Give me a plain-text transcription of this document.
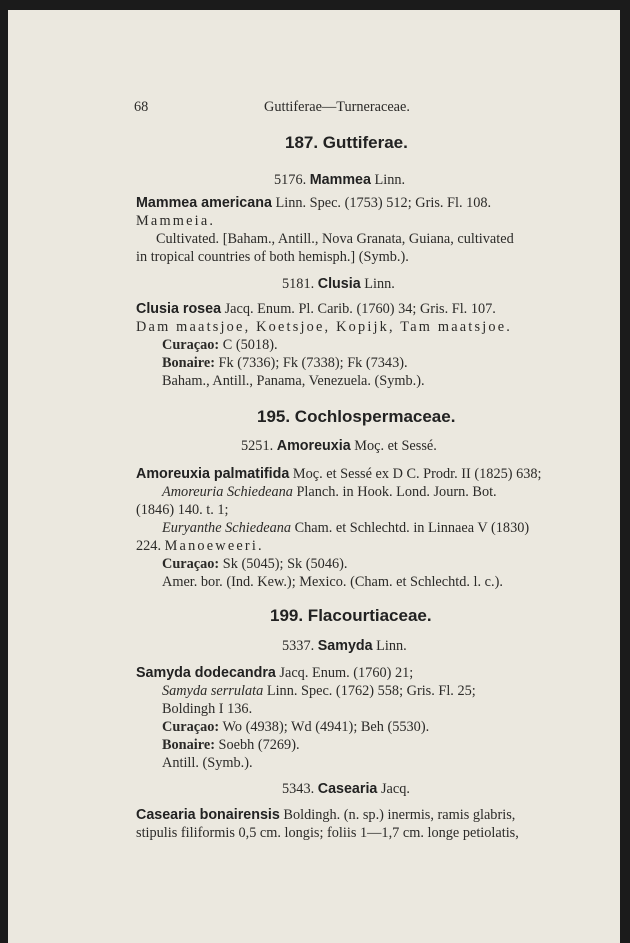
68	Guttiferae—Turneraceae.
187. Guttiferae.
5176. Mammea Linn.
Mammea americana Linn. Spec. (1753) 512; Gris. Fl. 108.
Mammeia.
Cultivated. [Baham., Antill., Nova Granata, Guiana, cultivated
in tropical countries of both hemisph.] (Symb.).
5181. Clusia Linn.
Clusia rosea Jacq. Enum. Pl. Carib. (1760) 34; Gris. Fl. 107.
Dam maatsjoe, Koetsjoe, Kopijk, Tam maatsjoe.
Curaçao: C (5018).
Bonaire: Fk (7336); Fk (7338); Fk (7343).
Baham., Antill., Panama, Venezuela. (Symb.).
195. Cochlospermaceae.
5251. Amoreuxia Moç. et Sessé.
Amoreuxia palmatifida Moç. et Sessé ex D C. Prodr. II (1825) 638;
Amoreuria Schiedeana Planch. in Hook. Lond. Journ. Bot.
(1846) 140. t. 1;
Euryanthe Schiedeana Cham. et Schlechtd. in Linnaea V (1830)
224. Manoeweeri.
Curaçao: Sk (5045); Sk (5046).
Amer. bor. (Ind. Kew.); Mexico. (Cham. et Schlechtd. l. c.).
199. Flacourtiaceae.
5337. Samyda Linn.
Samyda dodecandra Jacq. Enum. (1760) 21;
Samyda serrulata Linn. Spec. (1762) 558; Gris. Fl. 25;
Boldingh I 136.
Curaçao: Wo (4938); Wd (4941); Beh (5530).
Bonaire: Soebh (7269).
Antill. (Symb.).
5343. Casearia Jacq.
Casearia bonairensis Boldingh. (n. sp.) inermis, ramis glabris,
stipulis filiformis 0,5 cm. longis; foliis 1—1,7 cm. longe petiolatis,
